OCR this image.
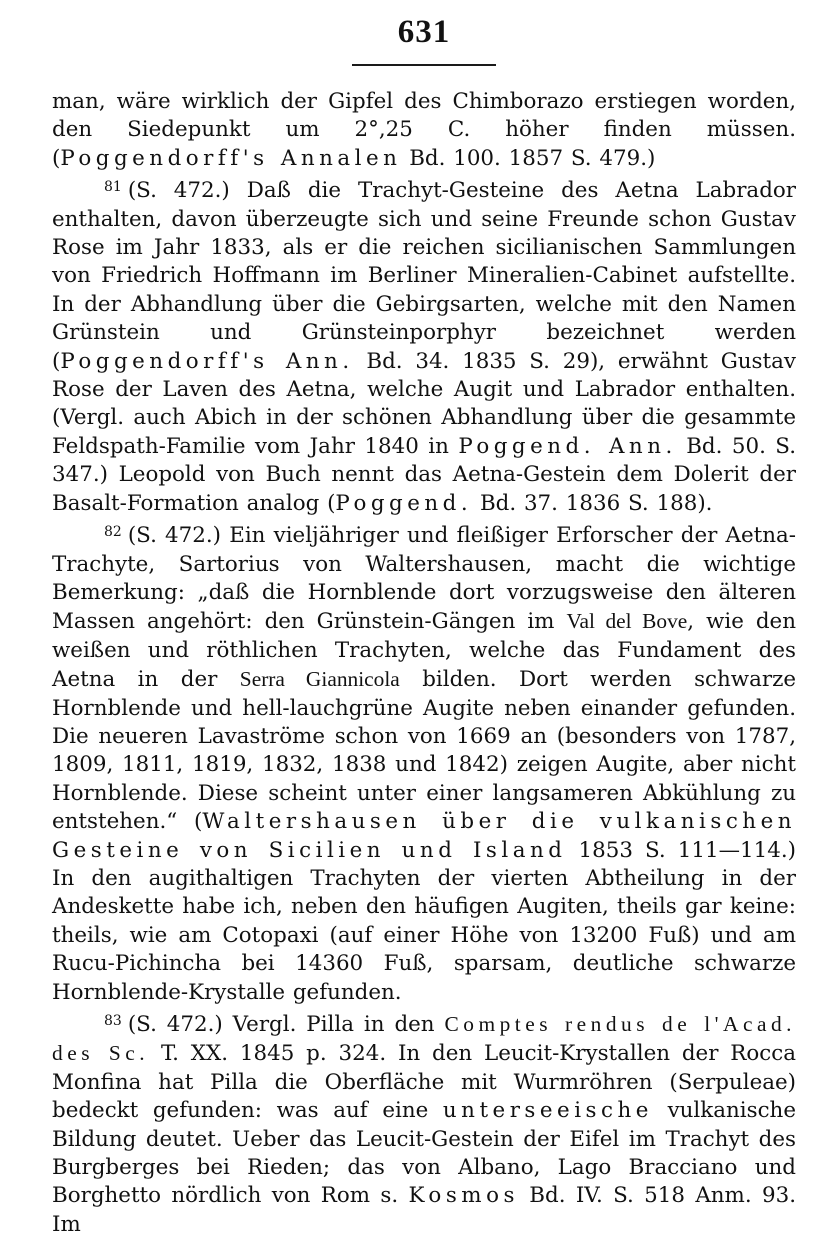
631

man, wäre wirklich der Gipfel des Chimborazo erstiegen worden, den Siedepunkt um 2°,25 C. höher finden müssen. (Poggendorff's Annalen Bd. 100. 1857 S. 479.)

$^{81}$ (S. 472.) Daß die Trachyt-Gesteine des Aetna Labrador enthalten, davon überzeugte sich und seine Freunde schon Gustav Rose im Jahr 1833, als er die reichen sicilianischen Sammlungen von Friedrich Hoffmann im Berliner Mineralien-Cabinet aufstellte. In der Abhandlung über die Gebirgsarten, welche mit den Namen Grünstein und Grünsteinporphyr bezeichnet werden (Poggendorff's Ann. Bd. 34. 1835 S. 29), erwähnt Gustav Rose der Laven des Aetna, welche Augit und Labrador enthalten. (Vergl. auch Abich in der schönen Abhandlung über die gesammte Feldspath-Familie vom Jahr 1840 in Poggend. Ann. Bd. 50. S. 347.) Leopold von Buch nennt das Aetna-Gestein dem Dolerit der Basalt-Formation analog (Poggend. Bd. 37. 1836 S. 188).

$^{82}$ (S. 472.) Ein vieljähriger und fleißiger Erforscher der Aetna-Trachyte, Sartorius von Waltershausen, macht die wichtige Bemerkung: „daß die Hornblende dort vorzugsweise den älteren Massen angehört: den Grünstein-Gängen im Val del Bove, wie den weißen und röthlichen Trachyten, welche das Fundament des Aetna in der Serra Giannicola bilden. Dort werden schwarze Hornblende und hell-lauchgrüne Augite neben einander gefunden. Die neueren Lavaströme schon von 1669 an (besonders von 1787, 1809, 1811, 1819, 1832, 1838 und 1842) zeigen Augite, aber nicht Hornblende. Diese scheint unter einer langsameren Abkühlung zu entstehen.“ (Waltershausen über die vulkanischen Gesteine von Sicilien und Island 1853 S. 111—114.) In den augithaltigen Trachyten der vierten Abtheilung in der Andeskette habe ich, neben den häufigen Augiten, theils gar keine: theils, wie am Cotopaxi (auf einer Höhe von 13200 Fuß) und am Rucu-Pichincha bei 14360 Fuß, sparsam, deutliche schwarze Hornblende-Krystalle gefunden.

$^{83}$ (S. 472.) Vergl. Pilla in den Comptes rendus de l'Acad. des Sc. T. XX. 1845 p. 324. In den Leucit-Krystallen der Rocca Monfina hat Pilla die Oberfläche mit Wurmröhren (Serpuleae) bedeckt gefunden: was auf eine unterseeische vulkanische Bildung deutet. Ueber das Leucit-Gestein der Eifel im Trachyt des Burgberges bei Rieden; das von Albano, Lago Bracciano und Borghetto nördlich von Rom s. Kosmos Bd. IV. S. 518 Anm. 93. Im
